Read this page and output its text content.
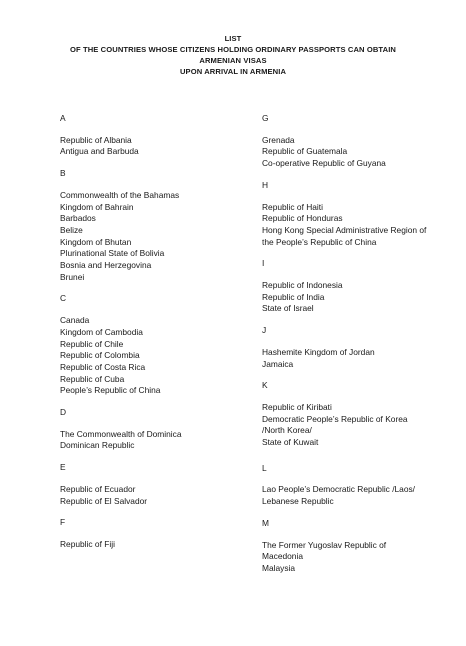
LIST
OF THE COUNTRIES WHOSE CITIZENS HOLDING ORDINARY PASSPORTS CAN OBTAIN
ARMENIAN VISAS
UPON ARRIVAL IN ARMENIA
A
Republic of Albania
Antigua and Barbuda
B
Commonwealth of the Bahamas
Kingdom of Bahrain
Barbados
Belize
Kingdom of Bhutan
Plurinational State of Bolivia
Bosnia and Herzegovina
Brunei
C
Canada
Kingdom of Cambodia
Republic of Chile
Republic of Colombia
Republic of Costa Rica
Republic of Cuba
People’s Republic of China
D
The Commonwealth of Dominica
Dominican Republic
E
Republic of Ecuador
Republic of El Salvador
F
Republic of Fiji
G
Grenada
Republic of Guatemala
Co-operative Republic of Guyana
H
Republic of Haiti
Republic of Honduras
Hong Kong Special Administrative Region of
the People’s Republic of China
I
Republic of Indonesia
Republic of India
State of Israel
J
Hashemite Kingdom of Jordan
Jamaica
K
Republic of Kiribati
Democratic People’s Republic of Korea
/North Korea/
State of Kuwait
L
Lao People’s Democratic Republic /Laos/
Lebanese Republic
M
The Former Yugoslav Republic of
Macedonia
Malaysia
